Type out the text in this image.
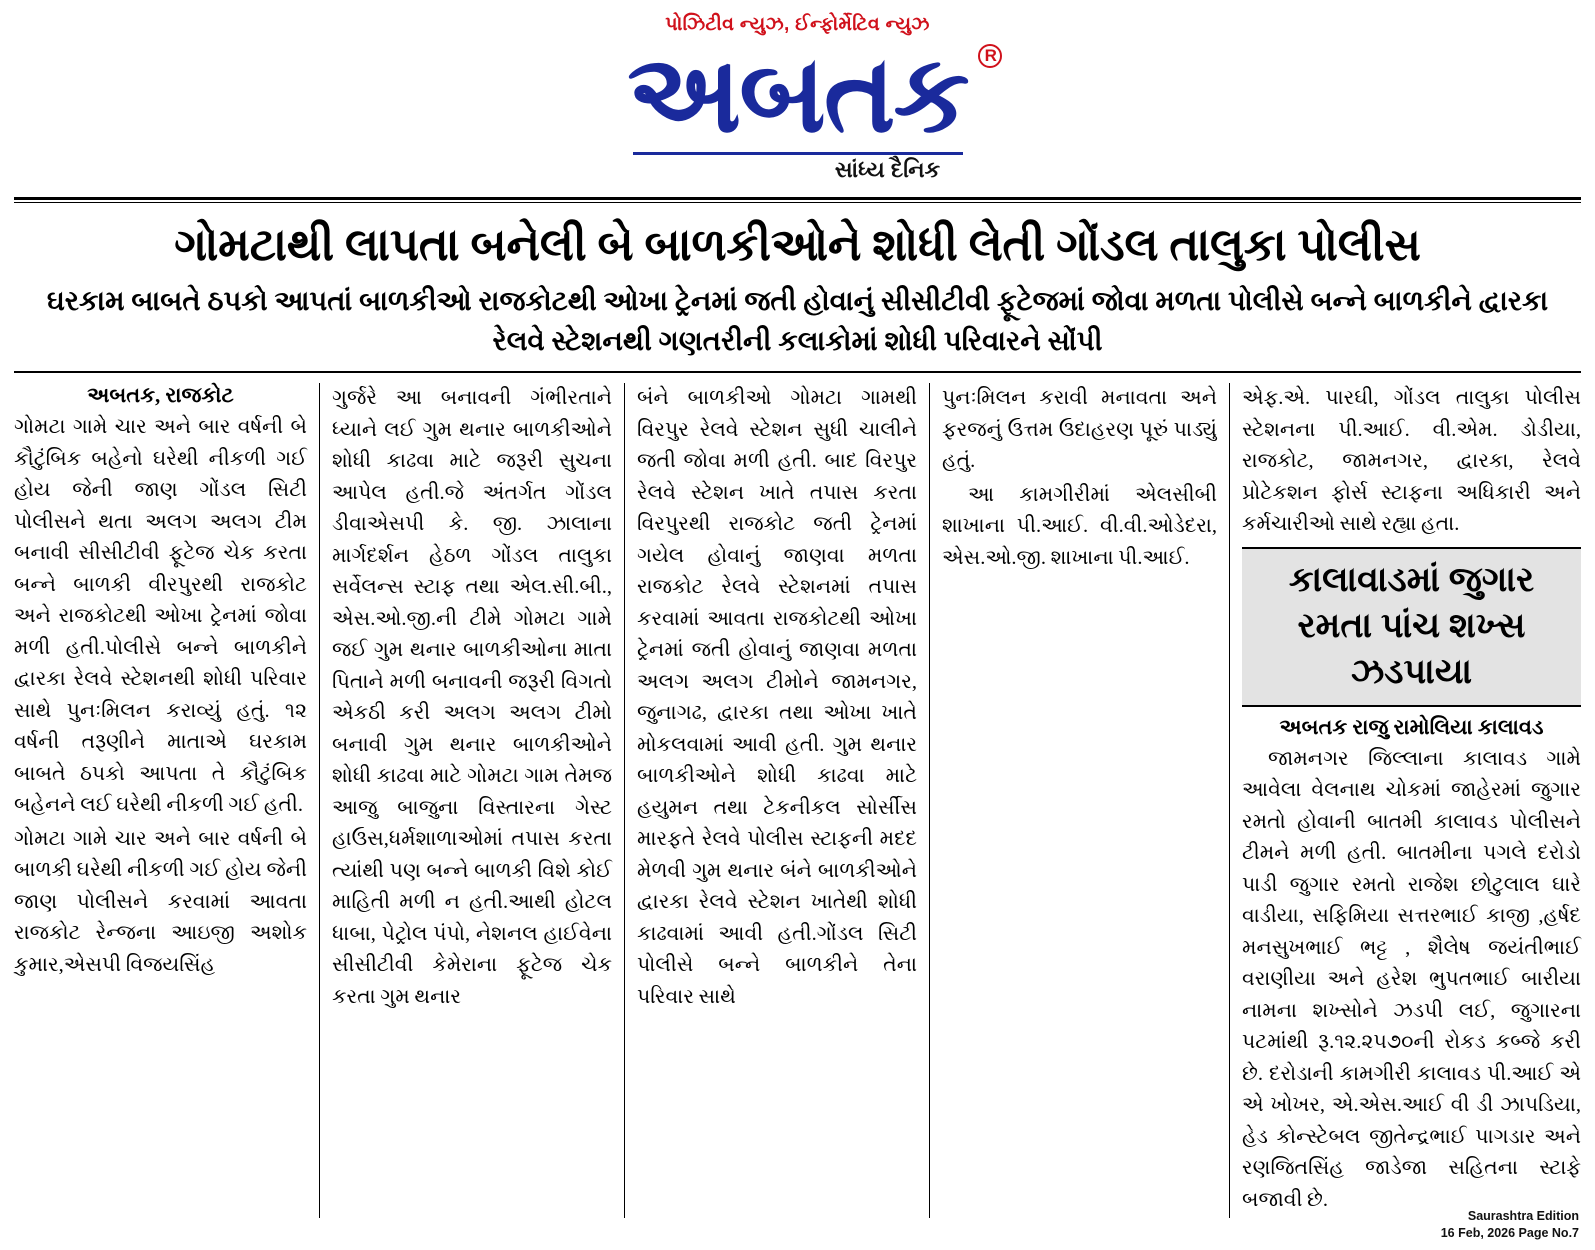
પોઝિટીવ ન્યુઝ, ઈન્ફોર્મેટિવ ન્યુઝ
અબતક R
સાંધ્ય દૈનિક
ગોમટાથી લાપતા બનેલી બે બાળકીઓને શોધી લેતી ગોંડલ તાલુકા પોલીસ
ઘરકામ બાબતે ઠપકો આપતાં બાળકીઓ રાજકોટથી ઓખા ટ્રેનમાં જતી હોવાનું સીસીટીવી ફૂટેજમાં જોવા મળતા પોલીસે બન્ને બાળકીને દ્વારકા રેલવે સ્ટેશનથી ગણતરીની કલાકોમાં શોધી પરિવારને સોંપી
અબતક, રાજકોટ

ગોમટા ગામે ચાર અને બાર વર્ષની બે કૌટુંબિક બહેનો ઘરેથી નીકળી ગઈ હોય જેની જાણ ગોંડલ સિટી પોલીસને થતા અલગ અલગ ટીમ બનાવી સીસીટીવી ફૂટેજ ચેક કરતા બન્ને બાળકી વીરપુરથી રાજકોટ અને રાજકોટથી ઓખા ટ્રેનમાં જોવા મળી હતી.પોલીસે બન્ને બાળકીને દ્વારકા રેલવે સ્ટેશનથી શોધી પરિવાર સાથે પુનઃમિલન કરાવ્યું હતું. ૧૨ વર્ષની તરૂણીને માતાએ ઘરકામ બાબતે ઠપકો આપતા તે કૌટુંબિક બહેનને લઈ ઘરેથી નીકળી ગઈ હતી.

ગોમટા ગામે ચાર અને બાર વર્ષની બે બાળકી ઘરેથી નીકળી ગઈ હોય જેની જાણ પોલીસને કરવામાં આવતા રાજકોટ રેન્જના આઇજી અશોક કુમાર,એસપી વિજયસિંહ

ગુર્જરે આ બનાવની ગંભીરતાને ધ્યાને લઈ ગુમ થનાર બાળકીઓને શોધી કાઢવા માટે જરૂરી સુચના આપેલ હતી.જે અંતર્ગત ગોંડલ ડીવાએસપી કે. જી. ઝાલાના માર્ગદર્શન હેઠળ ગોંડલ તાલુકા સર્વેલન્સ સ્ટાફ તથા એલ.સી.બી., એસ.ઓ.જી.ની ટીમે ગોમટા ગામે જઈ ગુમ થનાર બાળકીઓના માતા પિતાને મળી બનાવની જરૂરી વિગતો એકઠી કરી અલગ અલગ ટીમો બનાવી ગુમ થનાર બાળકીઓને શોધી કાઢવા માટે ગોમટા ગામ તેમજ આજુ બાજુના વિસ્તારના ગેસ્ટ હાઉસ,ધર્મશાળાઓમાં તપાસ કરતા ત્યાંથી પણ બન્ને બાળકી વિશે કોઈ માહિતી મળી ન હતી.આથી હોટલ ધાબા, પેટ્રોલ પંપો, નેશનલ હાઈવેના સીસીટીવી કેમેરાના ફૂટેજ ચેક કરતા ગુમ થનાર

બંને બાળકીઓ ગોમટા ગામથી વિરપુર રેલવે સ્ટેશન સુધી ચાલીને જતી જોવા મળી હતી. બાદ વિરપુર રેલવે સ્ટેશન ખાતે તપાસ કરતા વિરપુરથી રાજકોટ જતી ટ્રેનમાં ગયેલ હોવાનું જાણવા મળતા રાજકોટ રેલવે સ્ટેશનમાં તપાસ કરવામાં આવતા રાજકોટથી ઓખા ટ્રેનમાં જતી હોવાનું જાણવા મળતા અલગ અલગ ટીમોને જામનગર, જુનાગઢ, દ્વારકા તથા ઓખા ખાતે મોકલવામાં આવી હતી. ગુમ થનાર બાળકીઓને શોધી કાઢવા માટે હયુમન તથા ટેકનીકલ સોર્સીસ મારફતે રેલવે પોલીસ સ્ટાફની મદદ મેળવી ગુમ થનાર બંને બાળકીઓને દ્વારકા રેલવે સ્ટેશન ખાતેથી શોધી કાઢવામાં આવી હતી.ગોંડલ સિટી પોલીસે બન્ને બાળકીને તેના પરિવાર સાથે

પુનઃમિલન કરાવી મનાવતા અને ફરજનું ઉત્તમ ઉદાહરણ પૂરું પાડ્યું હતું.

આ કામગીરીમાં એલસીબી શાખાના પી.આઈ. વી.વી.ઓડેદરા, એસ.ઓ.જી. શાખાના પી.આઈ.

એફ.એ. પારઘી, ગોંડલ તાલુકા પોલીસ સ્ટેશનના પી.આઈ. વી.એમ. ડોડીયા, રાજકોટ, જામનગર, દ્વારકા, રેલવે પ્રોટેકશન ફોર્સ સ્ટાફના અધિકારી અને કર્મચારીઓ સાથે રહ્યા હતા.

કાલાવાડમાં જુગાર રમતા પાંચ શખ્સ ઝડપાયા
અબતક રાજુ રામોલિયા કાલાવડ

જામનગર જિલ્લાના કાલાવડ ગામે આવેલા વેલનાથ ચોકમાં જાહેરમાં જુગાર રમતો હોવાની બાતમી કાલાવડ પોલીસને ટીમને મળી હતી. બાતમીના પગલે દરોડો પાડી જુગાર રમતો રાજેશ છોટુલાલ ઘારે વાડીયા, સફિમિયા સત્તરભાઈ કાજી ,હર્ષદ મનસુખભાઈ ભટ્ટ , શૈલેષ જયંતીભાઈ વરાણીયા અને હરેશ ભુપતભાઈ બારીયા નામના શખ્સોને ઝડપી લઈ, જુગારના પટમાંથી રૂ.૧૨.૨૫૭૦ની રોકડ કબ્જે કરી છે. દરોડાની કામગીરી કાલાવડ પી.આઈ એ એ ખોખર, એ.એસ.આઈ વી ડી ઝાપડિયા, હેડ કોન્સ્ટેબલ જીતેન્દ્રભાઈ પાગડાર અને રણજિતસિંહ જાડેજા સહિતના સ્ટાફે બજાવી છે.

Saurashtra Edition
16 Feb, 2026 Page No.7
